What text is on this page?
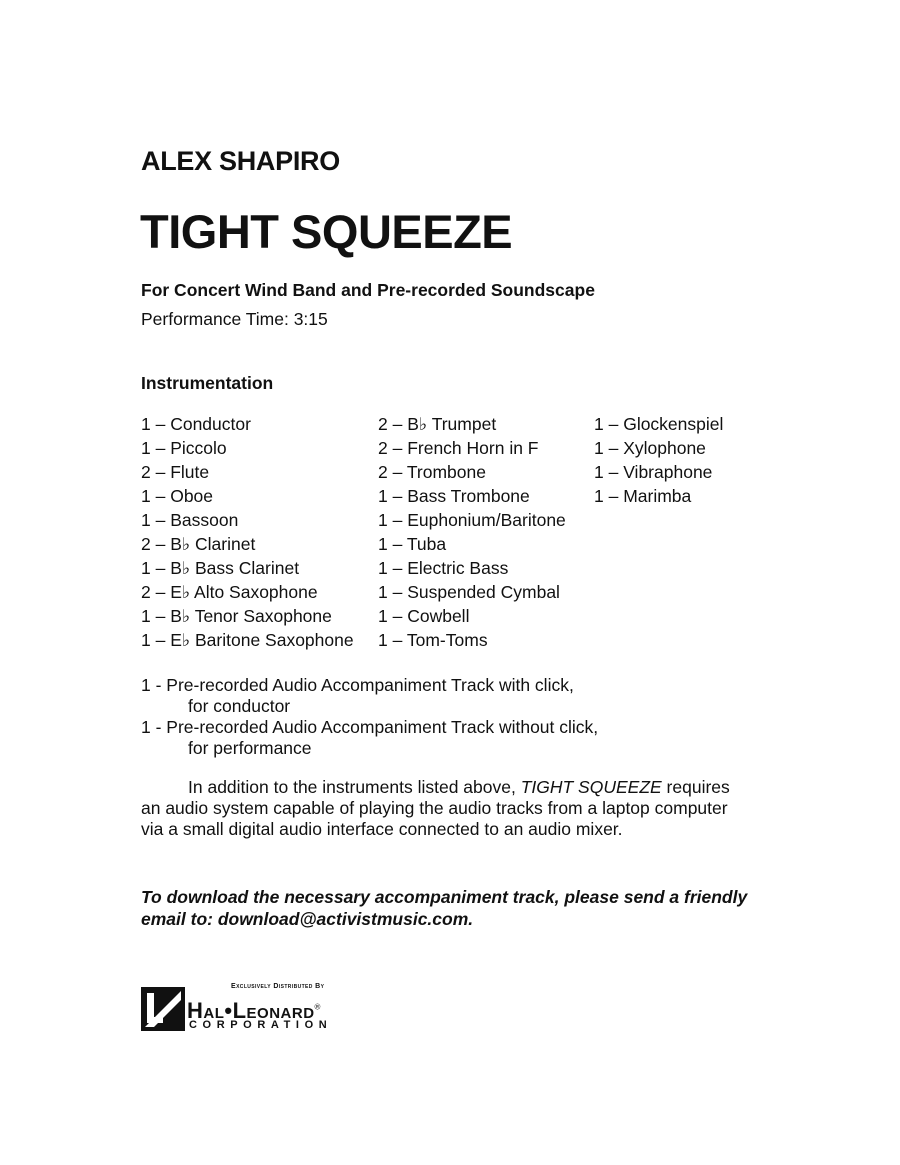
ALEX SHAPIRO
TIGHT SQUEEZE
For Concert Wind Band and Pre-recorded Soundscape
Performance Time: 3:15
Instrumentation
1 – Conductor
1 – Piccolo
2 – Flute
1 – Oboe
1 – Bassoon
2 – B♭ Clarinet
1 – B♭ Bass Clarinet
2 – E♭ Alto Saxophone
1 – B♭ Tenor Saxophone
1 – E♭ Baritone Saxophone
2 – B♭ Trumpet
2 – French Horn in F
2 – Trombone
1 – Bass Trombone
1 – Euphonium/Baritone
1 – Tuba
1 – Electric Bass
1 – Suspended Cymbal
1 – Cowbell
1 – Tom-Toms
1 – Glockenspiel
1 – Xylophone
1 – Vibraphone
1 – Marimba
1 - Pre-recorded Audio Accompaniment Track with click,
for conductor
1 - Pre-recorded Audio Accompaniment Track without click,
for performance
In addition to the instruments listed above, TIGHT SQUEEZE requires an audio system capable of playing the audio tracks from a laptop computer via a small digital audio interface connected to an audio mixer.
To download the necessary accompaniment track, please send a friendly email to: download@activistmusic.com.
Exclusively Distributed By
Hal•Leonard®
CORPORATION
